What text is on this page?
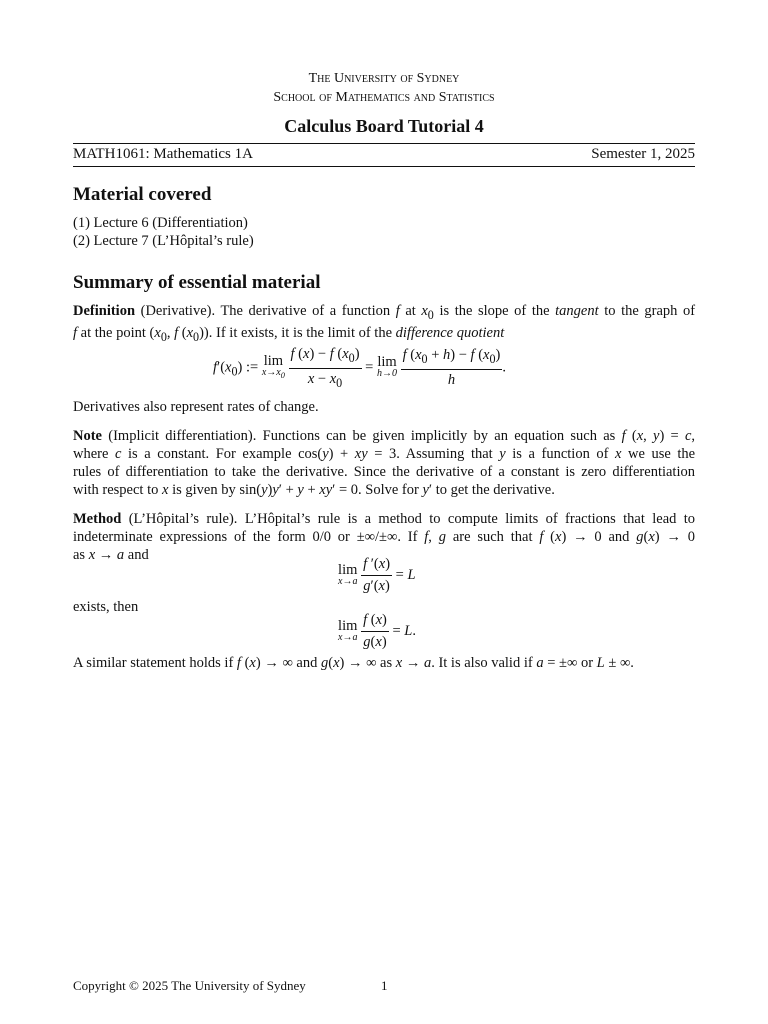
The University of Sydney
School of Mathematics and Statistics
Calculus Board Tutorial 4
MATH1061: Mathematics 1A	Semester 1, 2025
Material covered
(1) Lecture 6 (Differentiation)
(2) Lecture 7 (L’Hôpital’s rule)
Summary of essential material
Definition (Derivative). The derivative of a function f at $x_0$ is the slope of the tangent to the graph of
f at the point ($x_0$, f $(x_0)$). If it exists, it is the limit of the difference quotient
$f'(x_0)$ := lim
$x\to x_0$
$\frac{f (x) - f (x_0)}{x - x_0} = \lim$
h→0
$\frac{f (x_0 + h) - f (x_0)}{h}$ .
Derivatives also represent rates of change.
Note (Implicit differentiation). Functions can be given implicitly by an equation such as f (x, y) = c,
where c is a constant. For example cos(y) + xy = 3. Assuming that y is a function of x we use the
rules of differentiation to take the derivative. Since the derivative of a constant is zero differentiation
with respect to x is given by sin(y)y′ + y + xy′ = 0. Solve for y′ to get the derivative.
Method (L’Hôpital’s rule). L’Hôpital’s rule is a method to compute limits of fractions that lead to
indeterminate expressions of the form 0/0 or ±∞/±∞. If f, g are such that f (x) → 0 and g(x) → 0
as x → a and
lim
x→a
$\frac{f '(x)}{g'(x)} = L$
exists, then
lim
x→a
$\frac{f (x)}{g(x)} = L$.
A similar statement holds if f (x) → ∞ and g(x) → ∞ as x → a. It is also valid if a = ±∞ or L ± ∞.
Copyright © 2025 The University of Sydney	1
